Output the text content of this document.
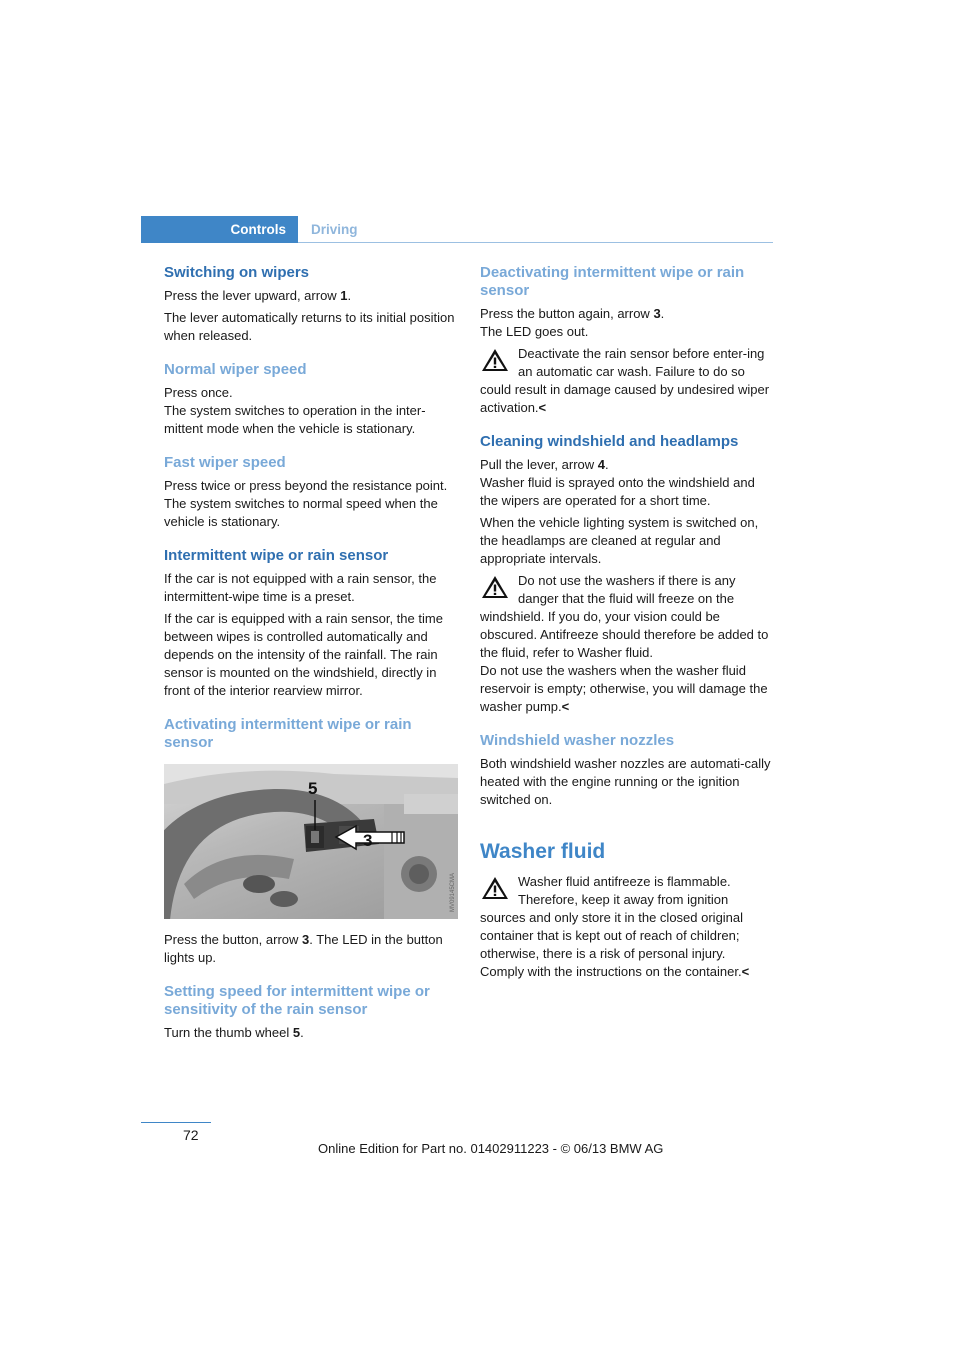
Controls	Driving
Switching on wipers

Press the lever upward, arrow 1.

The lever automatically returns to its initial position when released.

Normal wiper speed

Press once.

The system switches to operation in the inter-mittent mode when the vehicle is stationary.

Fast wiper speed

Press twice or press beyond the resistance point.

The system switches to normal speed when the vehicle is stationary.

Intermittent wipe or rain sensor

If the car is not equipped with a rain sensor, the intermittent-wipe time is a preset.

If the car is equipped with a rain sensor, the time between wipes is controlled automatically and depends on the intensity of the rainfall. The rain sensor is mounted on the windshield, directly in front of the interior rearview mirror.

Activating intermittent wipe or rain sensor
5
3
MV09145CMA

Press the button, arrow 3. The LED in the button lights up.

Setting speed for intermittent wipe or sensitivity of the rain sensor

Turn the thumb wheel 5.

Deactivating intermittent wipe or rain sensor

Press the button again, arrow 3.

The LED goes out.

Deactivate the rain sensor before enter-ing an automatic car wash. Failure to do so could result in damage caused by undesired wiper activation.<

Cleaning windshield and headlamps

Pull the lever, arrow 4.

Washer fluid is sprayed onto the windshield and the wipers are operated for a short time.

When the vehicle lighting system is switched on, the headlamps are cleaned at regular and appropriate intervals.

Do not use the washers if there is any danger that the fluid will freeze on the windshield. If you do, your vision could be obscured. Antifreeze should therefore be added to the fluid, refer to Washer fluid.

Do not use the washers when the washer fluid reservoir is empty; otherwise, you will damage the washer pump.<

Windshield washer nozzles

Both windshield washer nozzles are automati-cally heated with the engine running or the ignition switched on.

Washer fluid

Washer fluid antifreeze is flammable. Therefore, keep it away from ignition sources and only store it in the closed original container that is kept out of reach of children; otherwise, there is a risk of personal injury. Comply with the instructions on the container.<

72
Online Edition for Part no. 01402911223 - © 06/13 BMW AG
